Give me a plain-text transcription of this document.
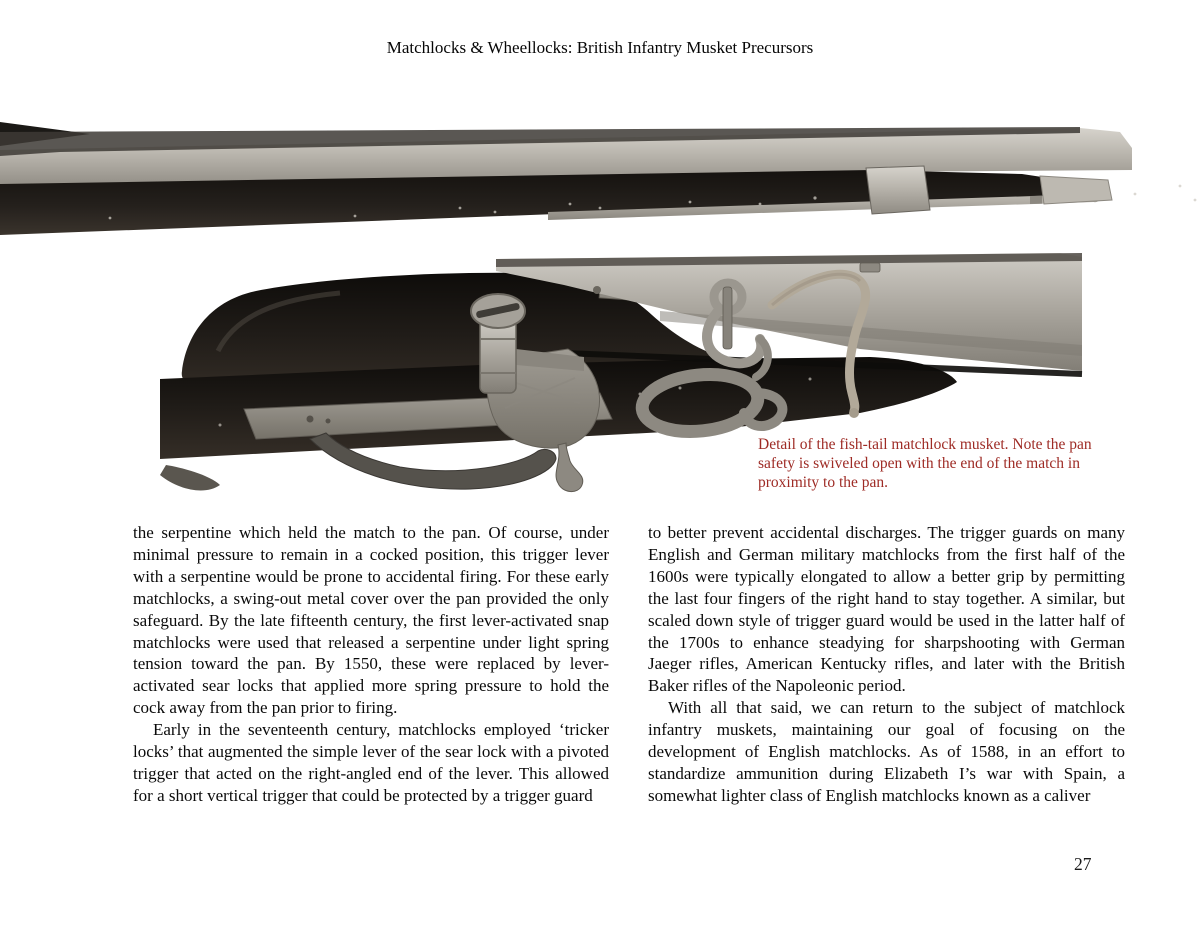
Matchlocks & Wheellocks: British Infantry Musket Precursors
Detail of the fish-tail matchlock musket. Note the pan safety is swiveled open with the end of the match in proximity to the pan.

the serpentine which held the match to the pan. Of course, under minimal pressure to remain in a cocked position, this trigger lever with a serpentine would be prone to accidental firing. For these early matchlocks, a swing-out metal cover over the pan provided the only safeguard. By the late fifteenth century, the first lever-activated snap matchlocks were used that released a serpentine under light spring tension toward the pan. By 1550, these were replaced by lever-activated sear locks that applied more spring pressure to hold the cock away from the pan prior to firing.

Early in the seventeenth century, matchlocks employed ‘tricker locks’ that augmented the simple lever of the sear lock with a pivoted trigger that acted on the right-angled end of the lever. This allowed for a short vertical trigger that could be protected by a trigger guard

to better prevent accidental discharges. The trigger guards on many English and German military matchlocks from the first half of the 1600s were typically elongated to allow a better grip by permitting the last four fingers of the right hand to stay together. A similar, but scaled down style of trigger guard would be used in the latter half of the 1700s to enhance steadying for sharpshooting with German Jaeger rifles, American Kentucky rifles, and later with the British Baker rifles of the Napoleonic period.

With all that said, we can return to the subject of matchlock infantry muskets, maintaining our goal of focusing on the development of English matchlocks. As of 1588, in an effort to standardize ammunition during Elizabeth I’s war with Spain, a somewhat lighter class of English matchlocks known as a caliver

27
